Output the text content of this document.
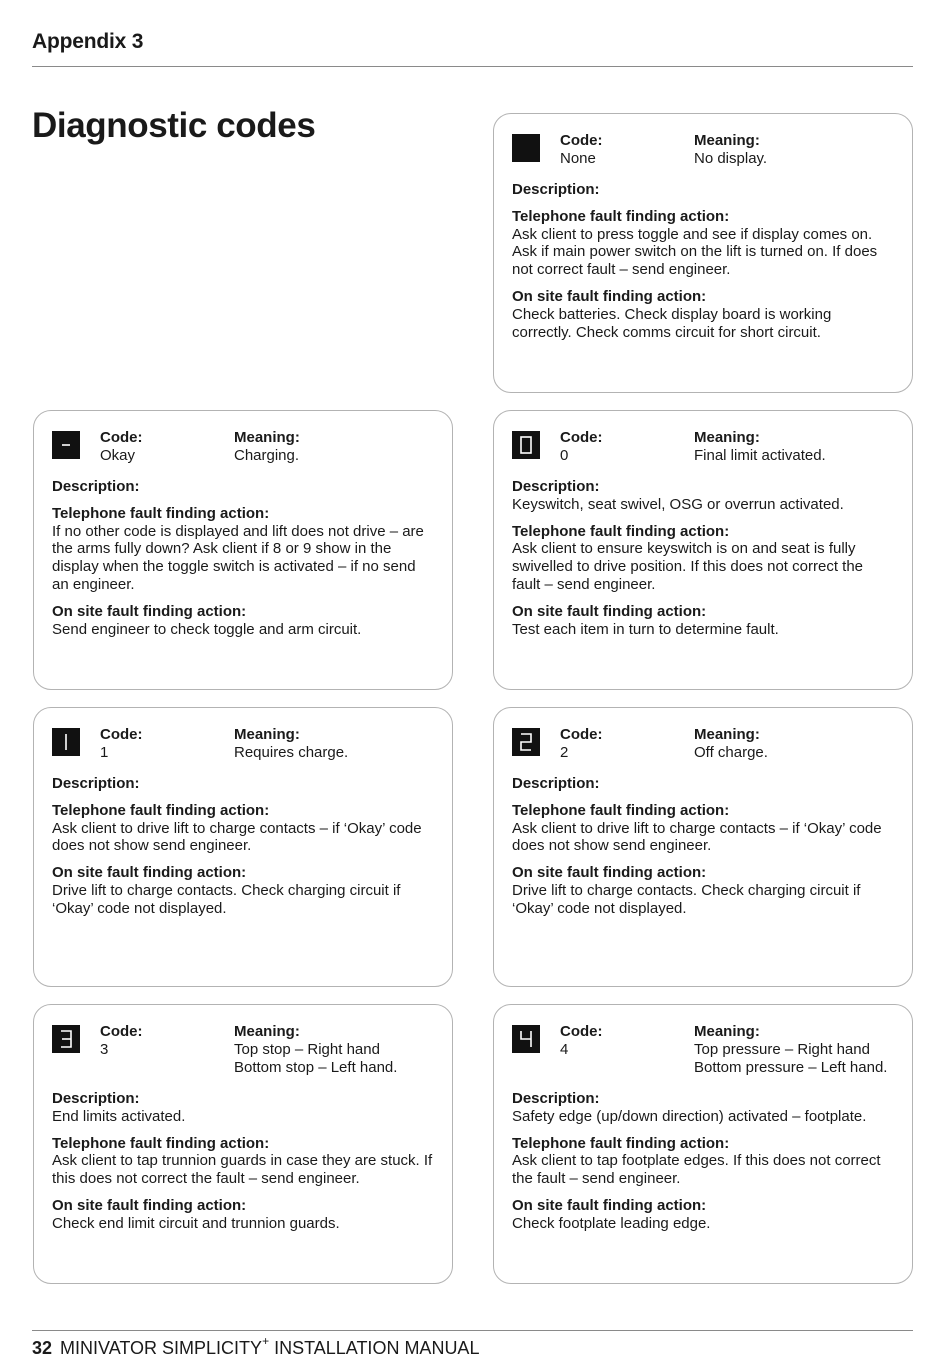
Appendix 3
Diagnostic codes	Code:
None
Meaning:
No display.
Description:
Telephone fault finding action:
Ask client to press toggle and see if display comes on. Ask if main power switch on the lift is turned on. If does not correct fault – send engineer.
On site fault finding action:
Check batteries. Check display board is working correctly. Check comms circuit for short circuit.
Code:
Okay
Meaning:
Charging.
Description:
Telephone fault finding action:
If no other code is displayed and lift does not drive – are the arms fully down? Ask client if 8 or 9 show in the display when the toggle switch is activated – if no send an engineer.
On site fault finding action:
Send engineer to check toggle and arm circuit.
Code:
0
Meaning:
Final limit activated.
Description:
Keyswitch, seat swivel, OSG or overrun activated.
Telephone fault finding action:
Ask client to ensure keyswitch is on and seat is fully swivelled to drive position. If this does not correct the fault – send engineer.
On site fault finding action:
Test each item in turn to determine fault.
Code:
1
Meaning:
Requires charge.
Description:
Telephone fault finding action:
Ask client to drive lift to charge contacts – if ‘Okay’ code does not show send engineer.
On site fault finding action:
Drive lift to charge contacts. Check charging circuit if ‘Okay’ code not displayed.
Code:
2
Meaning:
Off charge.
Description:
Telephone fault finding action:
Ask client to drive lift to charge contacts – if ‘Okay’ code does not show send engineer.
On site fault finding action:
Drive lift to charge contacts. Check charging circuit if ‘Okay’ code not displayed.
Code:
3
Meaning:
Top stop – Right hand
Bottom stop – Left hand.
Description:
End limits activated.
Telephone fault finding action:
Ask client to tap trunnion guards in case they are stuck. If this does not correct the fault – send engineer.
On site fault finding action:
Check end limit circuit and trunnion guards.
Code:
4
Meaning:
Top pressure – Right hand
Bottom pressure – Left hand.
Description:
Safety edge (up/down direction) activated – footplate.
Telephone fault finding action:
Ask client to tap footplate edges. If this does not correct the fault – send engineer.
On site fault finding action:
Check footplate leading edge.
32 MINIVATOR SIMPLICITY+ INSTALLATION MANUAL
